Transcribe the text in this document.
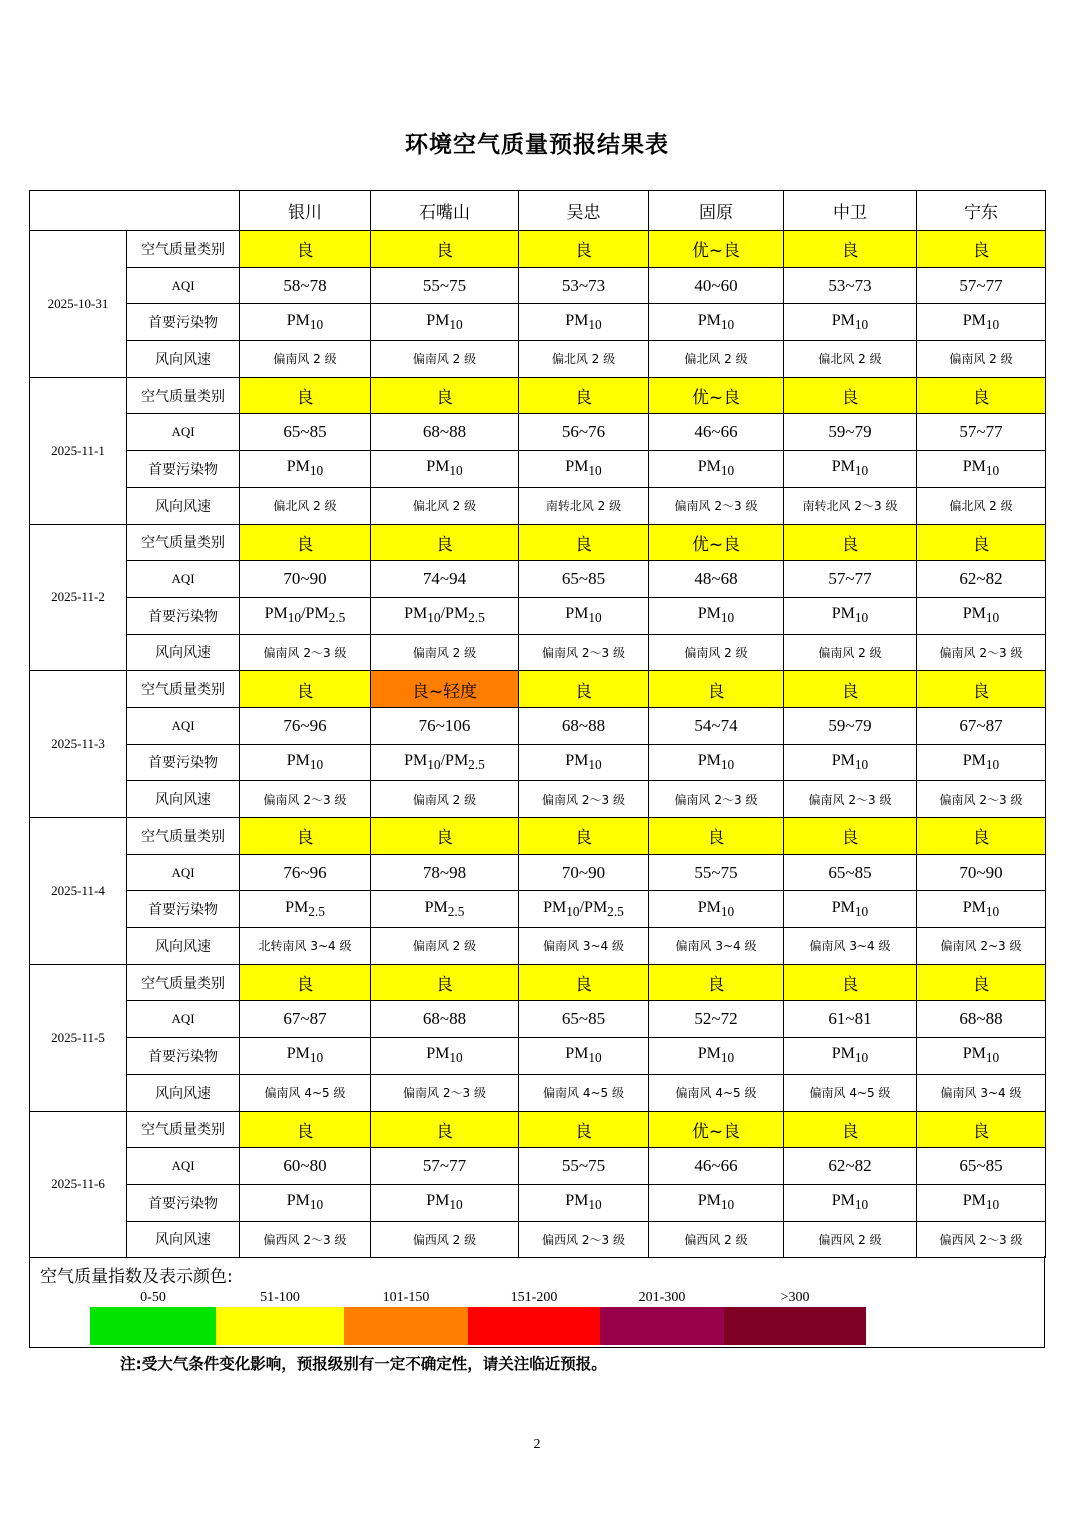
环境空气质量预报结果表
		银川	石嘴山	吴忠	固原	中卫	宁东
2025-10-31	空气质量类别	良	良	良	优~良	良	良
	AQI	58~78	55~75	53~73	40~60	53~73	57~77
	首要污染物	$PM_{10}$	$PM_{10}$	$PM_{10}$	$PM_{10}$	$PM_{10}$	$PM_{10}$
	风向风速	偏南风 2 级	偏南风 2 级	偏北风 2 级	偏北风 2 级	偏北风 2 级	偏南风 2 级
2025-11-1	空气质量类别	良	良	良	优~良	良	良
	AQI	65~85	68~88	56~76	46~66	59~79	57~77
	首要污染物	$PM_{10}$	$PM_{10}$	$PM_{10}$	$PM_{10}$	$PM_{10}$	$PM_{10}$
	风向风速	偏北风 2 级	偏北风 2 级	南转北风 2 级	偏南风 2～3 级	南转北风 2～3 级	偏北风 2 级
2025-11-2	空气质量类别	良	良	良	优~良	良	良
	AQI	70~90	74~94	65~85	48~68	57~77	62~82
	首要污染物	$PM_{10}/PM_{2.5}$	$PM_{10}/PM_{2.5}$	$PM_{10}$	$PM_{10}$	$PM_{10}$	$PM_{10}$
	风向风速	偏南风 2～3 级	偏南风 2 级	偏南风 2～3 级	偏南风 2 级	偏南风 2 级	偏南风 2～3 级
2025-11-3	空气质量类别	良	良~轻度	良	良	良	良
	AQI	76~96	76~106	68~88	54~74	59~79	67~87
	首要污染物	$PM_{10}$	$PM_{10}/PM_{2.5}$	$PM_{10}$	$PM_{10}$	$PM_{10}$	$PM_{10}$
	风向风速	偏南风 2～3 级	偏南风 2 级	偏南风 2～3 级	偏南风 2～3 级	偏南风 2～3 级	偏南风 2～3 级
2025-11-4	空气质量类别	良	良	良	良	良	良
	AQI	76~96	78~98	70~90	55~75	65~85	70~90
	首要污染物	$PM_{2.5}$	$PM_{2.5}$	$PM_{10}/PM_{2.5}$	$PM_{10}$	$PM_{10}$	$PM_{10}$
	风向风速	北转南风 3~4 级	偏南风 2 级	偏南风 3~4 级	偏南风 3~4 级	偏南风 3~4 级	偏南风 2~3 级
2025-11-5	空气质量类别	良	良	良	良	良	良
	AQI	67~87	68~88	65~85	52~72	61~81	68~88
	首要污染物	$PM_{10}$	$PM_{10}$	$PM_{10}$	$PM_{10}$	$PM_{10}$	$PM_{10}$
	风向风速	偏南风 4~5 级	偏南风 2～3 级	偏南风 4~5 级	偏南风 4~5 级	偏南风 4~5 级	偏南风 3~4 级
2025-11-6	空气质量类别	良	良	良	优~良	良	良
	AQI	60~80	57~77	55~75	46~66	62~82	65~85
	首要污染物	$PM_{10}$	$PM_{10}$	$PM_{10}$	$PM_{10}$	$PM_{10}$	$PM_{10}$
	风向风速	偏西风 2～3 级	偏西风 2 级	偏西风 2～3 级	偏西风 2 级	偏西风 2 级	偏西风 2～3 级
空气质量指数及表示颜色:
0-50	51-100	101-150	151-200	201-300	>300
注:受大气条件变化影响，预报级别有一定不确定性，请关注临近预报。
2
